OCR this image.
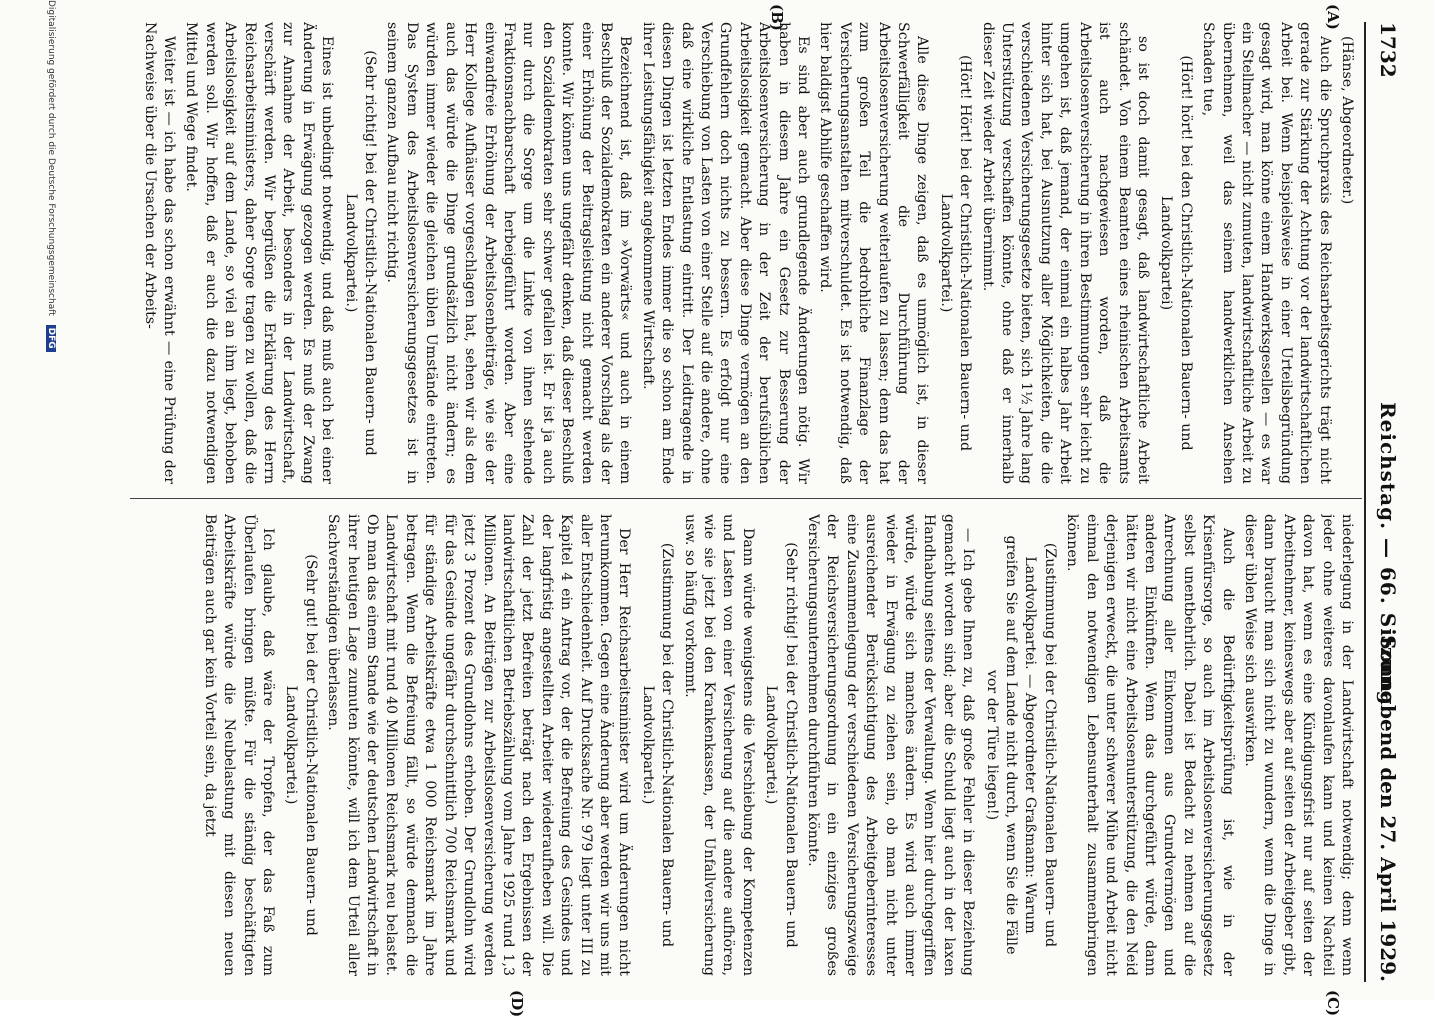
1732
Reichstag. — 66. Sitzung.
Sonnabend den 27. April 1929.
(A)
(B)
(C)
(D)

(Hänse, Abgeordneter.)

Auch die Spruchpraxis des Reichsarbeitsgerichts trägt nicht gerade zur Stärkung der Achtung vor der landwirtschaftlichen Arbeit bei. Wenn beispielsweise in einer Urteilsbegründung gesagt wird, man könne einem Handwerksgesellen — es war ein Stellmacher — nicht zumuten, landwirtschaftliche Arbeit zu übernehmen, weil das seinem handwerklichen Ansehen Schaden tue,

(Hört! hört! bei den Christlich-Nationalen Bauern- und Landvolkpartei)

so ist doch damit gesagt, daß landwirtschaftliche Arbeit schändet. Von einem Beamten eines rheinischen Arbeitsamts ist auch nachgewiesen worden, daß die Arbeitslosenversicherung in ihren Bestimmungen sehr leicht zu umgehen ist, daß jemand, der einmal ein halbes Jahr Arbeit hinter sich hat, bei Ausnutzung aller Möglichkeiten, die die verschiedenen Versicherungsgesetze bieten, sich 1½ Jahre lang Unterstützung verschaffen könnte, ohne daß er innerhalb dieser Zeit wieder Arbeit übernimmt.

(Hört! Hört! bei der Christlich-Nationalen Bauern- und Landvolkpartei.)

Alle diese Dinge zeigen, daß es unmöglich ist, in dieser Schwerfälligkeit die Durchführung der Arbeitslosenversicherung weiterlaufen zu lassen; denn das hat zum großen Teil die bedrohliche Finanzlage der Versicherungsanstalten mitverschuldet. Es ist notwendig, daß hier baldigst Abhilfe geschaffen wird.

Es sind aber auch grundlegende Änderungen nötig. Wir haben in diesem Jahre ein Gesetz zur Besserung der Arbeitslosenversicherung in der Zeit der berufsüblichen Arbeitslosigkeit gemacht. Aber diese Dinge vermögen an den Grundfehlern doch nichts zu bessern. Es erfolgt nur eine Verschiebung von Lasten von einer Stelle auf die andere, ohne daß eine wirkliche Entlastung eintritt. Der Leidtragende in diesen Dingen ist letzten Endes immer die so schon am Ende ihrer Leistungsfähigkeit angekommene Wirtschaft.

Bezeichnend ist, daß im »Vorwärts« und auch in einem Beschluß der Sozialdemokraten ein anderer Vorschlag als der einer Erhöhung der Beitragsleistung nicht gemacht werden konnte. Wir können uns ungefähr denken, daß dieser Beschluß den Sozialdemokraten sehr schwer gefallen ist. Er ist ja auch nur durch die Sorge um die Linkte von ihnen stehende Fraktionsnachbarschaft herbeigeführt worden. Aber eine einwandfreie Erhöhung der Arbeitslosenbeiträge, wie sie der Herr Kollege Aufhäuser vorgeschlagen hat, sehen wir als dem auch das würde die Dinge grundsätzlich nicht ändern; es würden immer wieder die gleichen üblen Umstände eintreten. Das System des Arbeitslosenversicherungsgesetzes ist in seinem ganzen Aufbau nicht richtig.

(Sehr richtig! bei der Christlich-Nationalen Bauern- und Landvolkpartei.)

Eines ist unbedingt notwendig, und daß muß auch bei einer Änderung in Erwägung gezogen werden. Es muß der Zwang zur Annahme der Arbeit, besonders in der Landwirtschaft, verschärft werden. Wir begrüßen die Erklärung des Herrn Reichsarbeitsministers, daher Sorge tragen zu wollen, daß die Arbeitslosigkeit auf dem Lande, so viel an ihm liegt, behoben werden soll. Wir hoffen, daß er auch die dazu notwendigen Mittel und Wege findet.

Weiter ist — ich habe das schon erwähnt — eine Prüfung der Nachweise über die Ursachen der Arbeits-

niederlegung in der Landwirtschaft notwendig; denn wenn jeder ohne weiteres davonlaufen kann und keinen Nachteil davon hat, wenn es eine Kündigungsfrist nur auf seiten der Arbeitnehmer, keineswegs aber auf seiten der Arbeitgeber gibt, dann braucht man sich nicht zu wundern, wenn die Dinge in dieser üblen Weise sich auswirken.

Auch die Bedürftigkeitsprüfung ist, wie in der Krisenfürsorge, so auch im Arbeitslosenversicherungsgesetz selbst unentbehrlich. Dabei ist Bedacht zu nehmen auf die Anrechnung aller Einkommen aus Grundvermögen und anderen Einkünften. Wenn das durchgeführt würde, dann hätten wir nicht eine Arbeitslosenunterstützung, die den Neid derjenigen erweckt, die unter schwerer Mühe und Arbeit nicht einmal den notwendigen Lebensunterhalt zusammenbringen können.

(Zustimmung bei der Christlich-Nationalen Bauern- und Landvolkpartei. — Abgeordneter Graßmann: Warum greifen Sie auf dem Lande nicht durch, wenn Sie die Fälle vor der Türe liegen!)

— Ich gebe Ihnen zu, daß große Fehler in dieser Beziehung gemacht worden sind; aber die Schuld liegt auch in der laxen Handhabung seitens der Verwaltung. Wenn hier durchgegriffen würde, würde sich manches ändern. Es wird auch immer wieder in Erwägung zu ziehen sein, ob man nicht unter ausreichender Berücksichtigung des Arbeitgeberinteresses eine Zusammenlegung der verschiedenen Versicherungszweige der Reichsversicherungsordnung in ein einziges großes Versicherungsunternehmen durchführen könnte.

(Sehr richtig! bei der Christlich-Nationalen Bauern- und Landvolkpartei.)

Dann würde wenigstens die Verschiebung der Kompetenzen und Lasten von einer Versicherung auf die andere aufhören, wie sie jetzt bei den Krankenkassen, der Unfallversicherung usw. so häufig vorkommt.

(Zustimmung bei der Christlich-Nationalen Bauern- und Landvolkpartei.)

Der Herr Reichsarbeitsminister wird um Änderungen nicht herumkommen. Gegen eine Änderung aber werden wir uns mit aller Entschiedenheit. Auf Drucksache Nr. 979 liegt unter III zu Kapitel 4 ein Antrag vor, der die Befreiung des Gesindes und der langfristig angestellten Arbeiter wiederaufheben will. Die Zahl der jetzt Befreiten beträgt nach den Ergebnissen der landwirtschaftlichen Betriebszählung vom Jahre 1925 rund 1,3 Millionen. An Beiträgen zur Arbeitslosenversicherung werden jetzt 3 Prozent des Grundlohns erhoben. Der Grundlohn wird für das Gesinde ungefähr durchschnittlich 700 Reichsmark und für ständige Arbeitskräfte etwa 1 000 Reichsmark im Jahre betragen. Wenn die Befreiung fällt, so würde demnach die Landwirtschaft mit rund 40 Millionen Reichsmark neu belastet. Ob man das einem Stande wie der deutschen Landwirtschaft in ihrer heutigen Lage zumuten könnte, will ich dem Urteil aller Sachverständigen überlassen.

(Sehr gut! bei der Christlich-Nationalen Bauern- und Landvolkpartei.)

Ich glaube, daß wäre der Tropfen, der das Faß zum Überlaufen bringen müßte. Für die ständig beschäftigten Arbeitskräfte würde die Neubelastung mit diesen neuen Beiträgen auch gar kein Vorteil sein, da jetzt

Digitalisierung gefördert durch die Deutsche Forschungsgemeinschaft DFG
